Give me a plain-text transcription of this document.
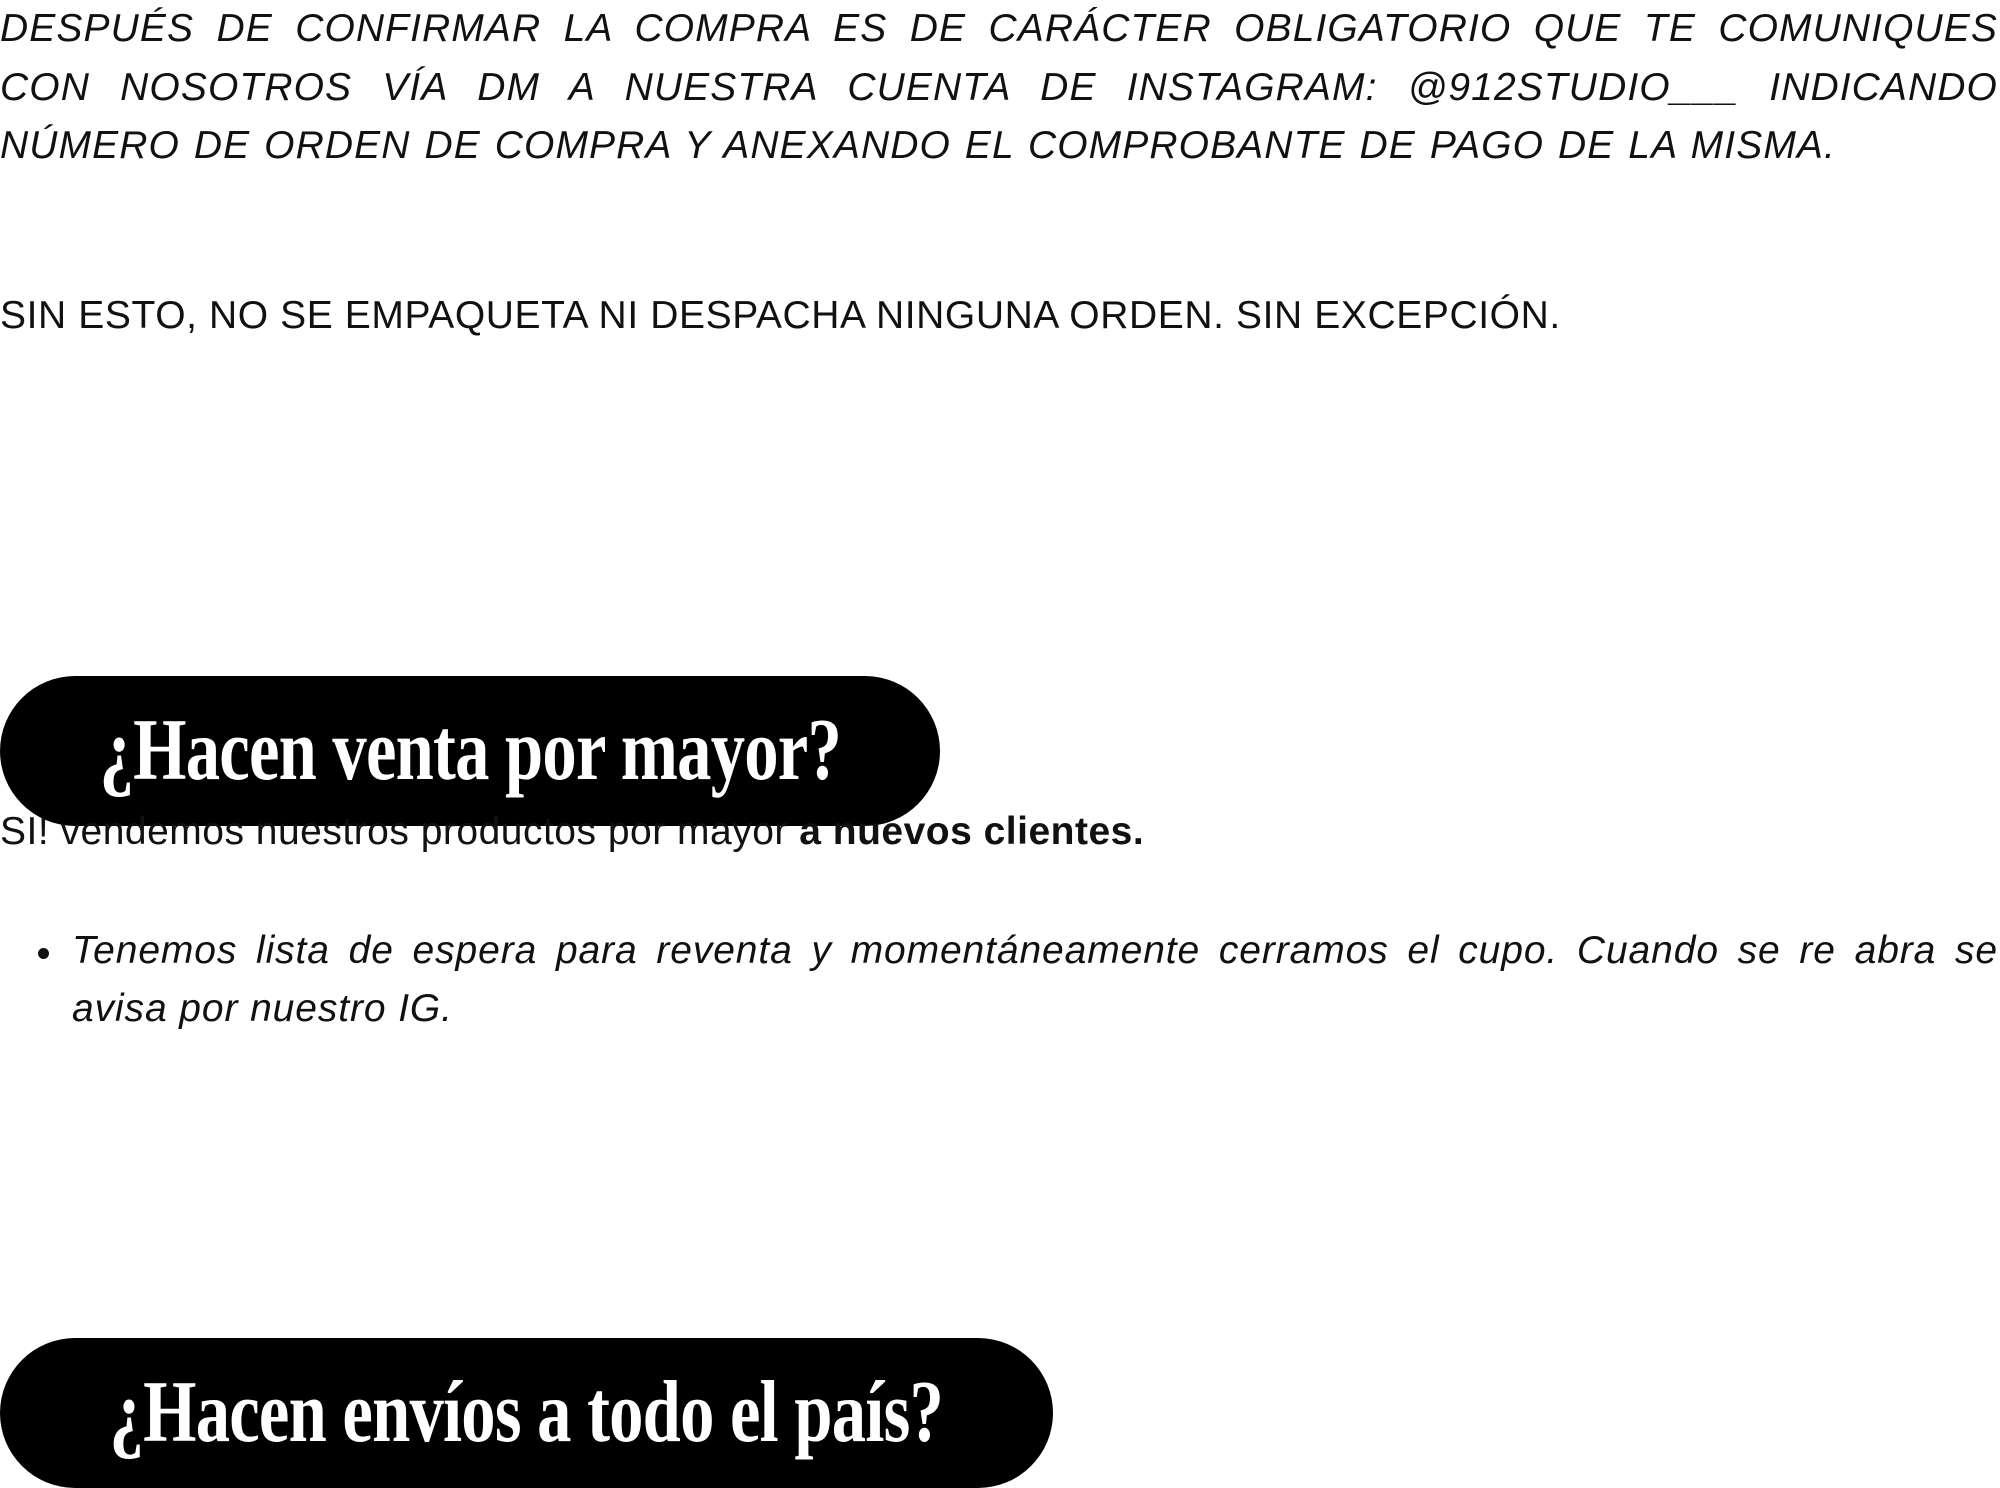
DESPUÉS DE CONFIRMAR LA COMPRA ES DE CARÁCTER OBLIGATORIO QUE TE COMUNIQUES CON NOSOTROS VÍA DM A NUESTRA CUENTA DE INSTAGRAM: @912STUDIO___ INDICANDO NÚMERO DE ORDEN DE COMPRA Y ANEXANDO EL COMPROBANTE DE PAGO DE LA MISMA.

SIN ESTO, NO SE EMPAQUETA NI DESPACHA NINGUNA ORDEN. SIN EXCEPCIÓN.

¿Hacen venta por mayor?

SI! vendemos nuestros productos por mayor a nuevos clientes.

Tenemos lista de espera para reventa y momentáneamente cerramos el cupo. Cuando se re abra se avisa por nuestro IG.
¿Hacen envíos a todo el país?
